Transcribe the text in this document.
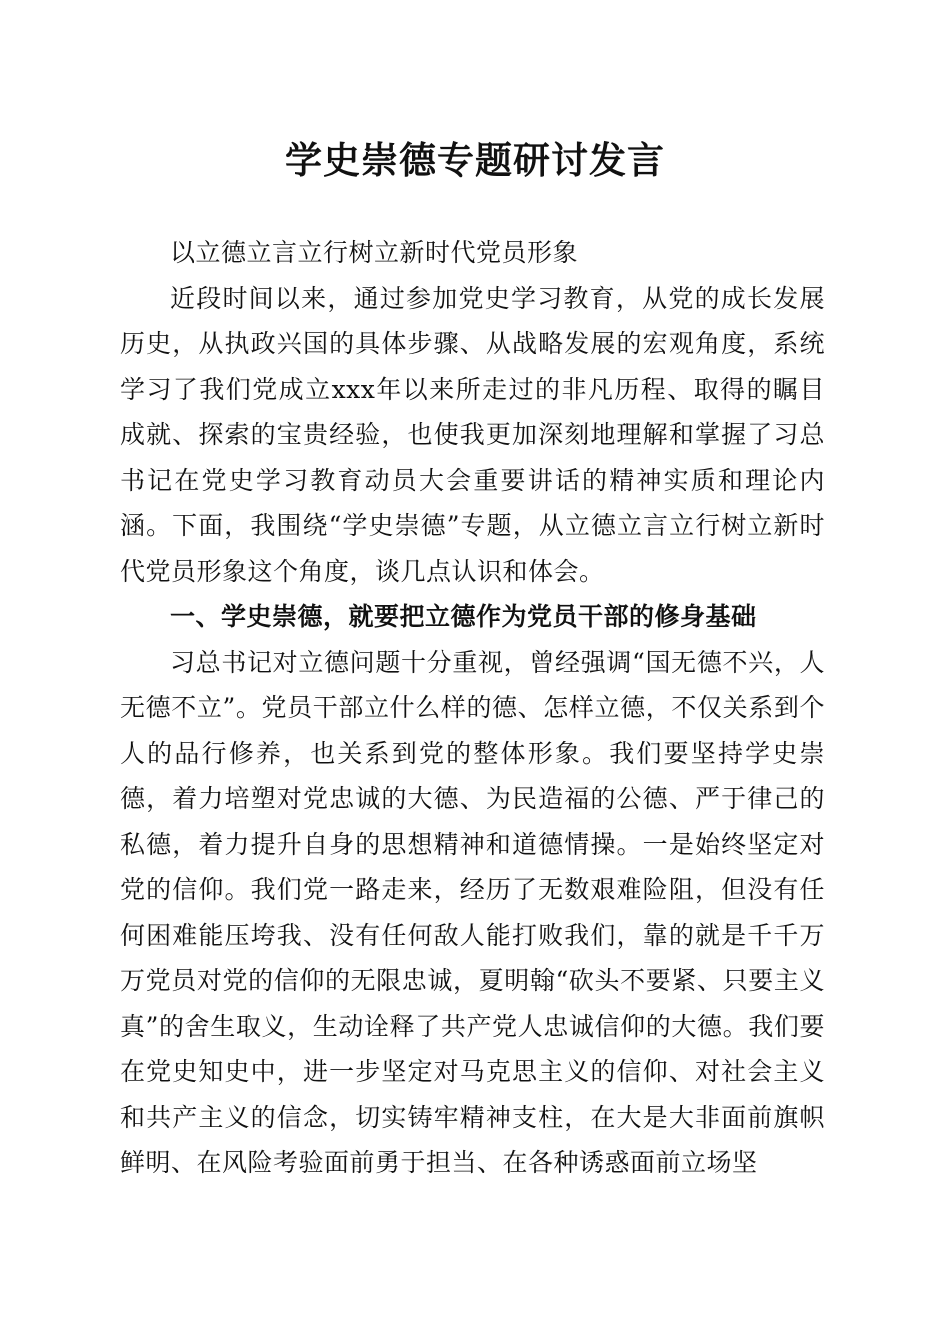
学史崇德专题研讨发言

以立德立言立行树立新时代党员形象

近段时间以来，通过参加党史学习教育，从党的成长发展历史，从执政兴国的具体步骤、从战略发展的宏观角度，系统学习了我们党成立xxx年以来所走过的非凡历程、取得的瞩目成就、探索的宝贵经验，也使我更加深刻地理解和掌握了习总书记在党史学习教育动员大会重要讲话的精神实质和理论内涵。下面，我围绕“学史崇德”专题，从立德立言立行树立新时代党员形象这个角度，谈几点认识和体会。

一、学史崇德，就要把立德作为党员干部的修身基础

习总书记对立德问题十分重视，曾经强调“国无德不兴，人无德不立”。党员干部立什么样的德、怎样立德，不仅关系到个人的品行修养，也关系到党的整体形象。我们要坚持学史崇德，着力培塑对党忠诚的大德、为民造福的公德、严于律己的私德，着力提升自身的思想精神和道德情操。一是始终坚定对党的信仰。我们党一路走来，经历了无数艰难险阻，但没有任何困难能压垮我、没有任何敌人能打败我们，靠的就是千千万万党员对党的信仰的无限忠诚，夏明翰“砍头不要紧、只要主义真”的舍生取义，生动诠释了共产党人忠诚信仰的大德。我们要在党史知史中，进一步坚定对马克思主义的信仰、对社会主义和共产主义的信念，切实铸牢精神支柱，在大是大非面前旗帜鲜明、在风险考验面前勇于担当、在各种诱惑面前立场坚
